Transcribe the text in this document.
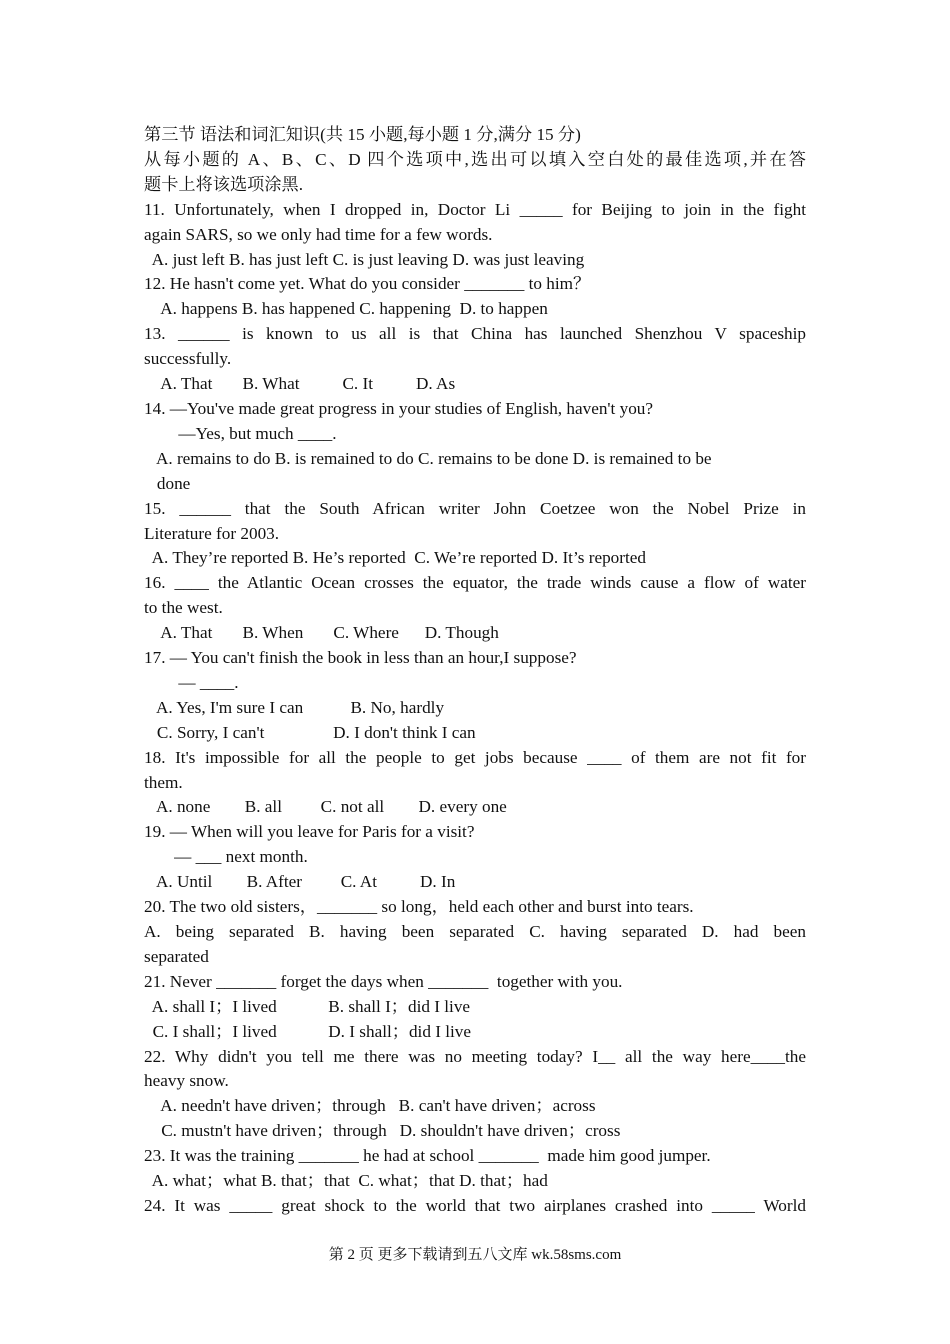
第三节 语法和词汇知识(共 15 小题,每小题 1 分,满分 15 分)
从每小题的 A、B、C、D 四个选项中,选出可以填入空白处的最佳选项,并在答
题卡上将该选项涂黑.
11. Unfortunately, when I dropped in, Doctor Li _____ for Beijing to join in the fight
again SARS, so we only had time for a few words.
A. just left B. has just left C. is just leaving D. was just leaving
12. He hasn't come yet. What do you consider _______ to him？
A. happens B. has happened C. happening  D. to happen
13. ______ is known to us all is that China has launched Shenzhou V spaceship
successfully.
A. That       B. What          C. It          D. As
14. —You've made great progress in your studies of English, haven't you?
—Yes, but much ____.
A. remains to do B. is remained to do C. remains to be done D. is remained to be
done
15. ______ that the South African writer John Coetzee won the Nobel Prize in
Literature for 2003.
A. They’re reported B. He’s reported  C. We’re reported D. It’s reported
16. ____ the Atlantic Ocean crosses the equator, the trade winds cause a flow of water
to the west.
A. That       B. When       C. Where      D. Though
17. — You can't finish the book in less than an hour,I suppose?
— ____.
A. Yes, I'm sure I can           B. No, hardly
C. Sorry, I can't                D. I don't think I can
18. It's impossible for all the people to get jobs because ____ of them are not fit for
them.
A. none        B. all         C. not all        D. every one
19. — When will you leave for Paris for a visit?
— ___ next month.
A. Until        B. After         C. At          D. In
20. The two old sisters，_______ so long，held each other and burst into tears.
A. being separated B. having been separated C. having separated D. had been
separated
21. Never _______ forget the days when _______  together with you.
A. shall I；I lived            B. shall I；did I live
C. I shall；I lived            D. I shall；did I live
22. Why didn't you tell me there was no meeting today? I__ all the way here____the
heavy snow.
A. needn't have driven；through   B. can't have driven；across
C. mustn't have driven；through   D. shouldn't have driven；cross
23. It was the training _______ he had at school _______  made him good jumper.
A. what；what B. that；that  C. what；that D. that；had
24. It was _____ great shock to the world that two airplanes crashed into _____ World
第 2 页 更多下载请到五八文库 wk.58sms.com
